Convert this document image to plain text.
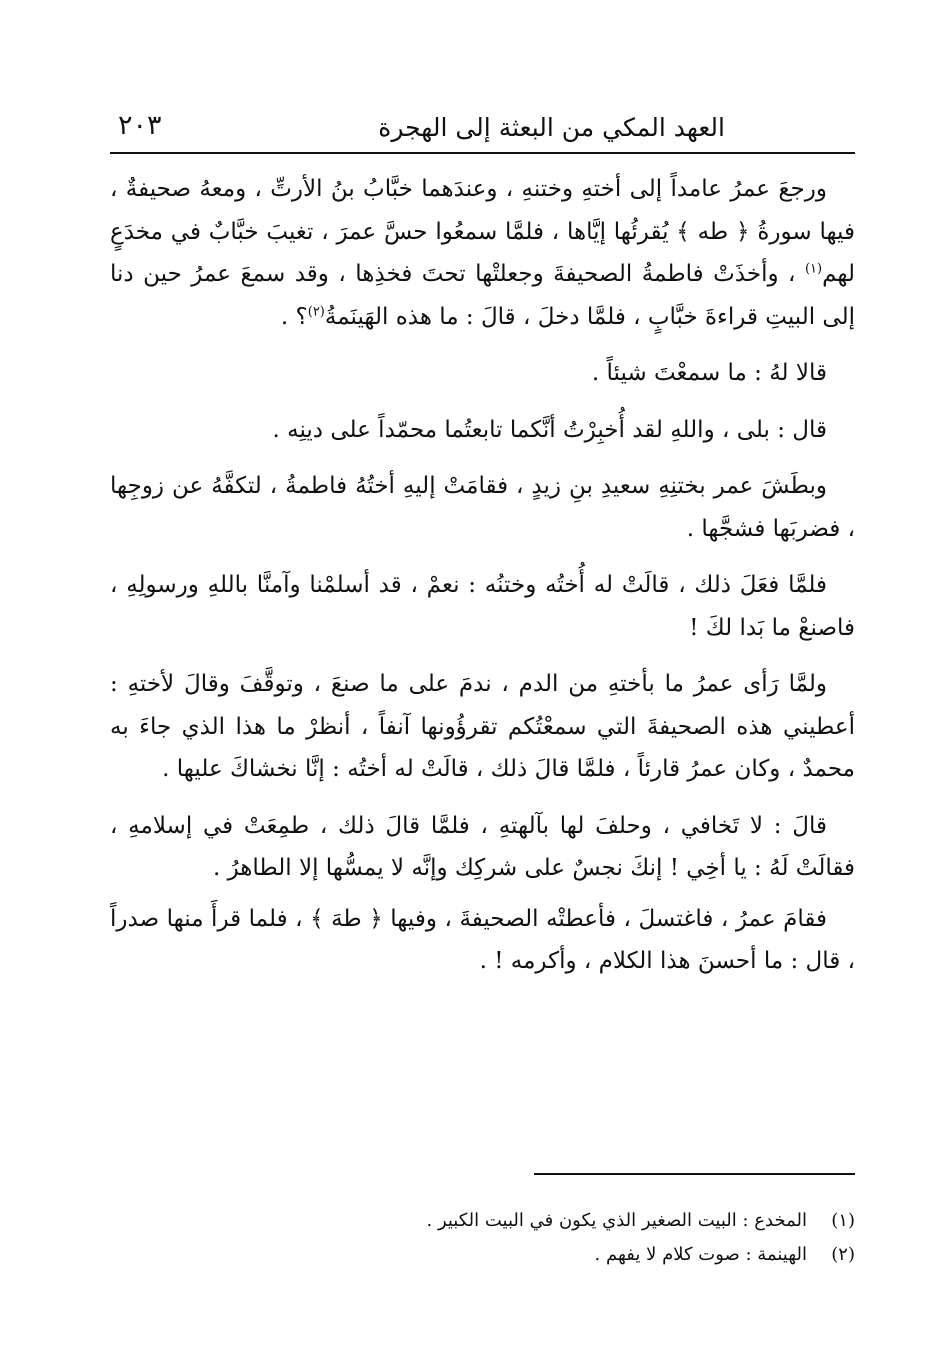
العهد المكي من البعثة إلى الهجرة
٢٠٣

ورجعَ عمرُ عامداً إلى أختهِ وختنهِ ، وعندَهما خبَّابُ بنُ الأرتِّ ، ومعهُ صحيفةٌ ، فيها سورةُ ﴿ طه ﴾ يُقرئُها إيَّاها ، فلمَّا سمعُوا حسَّ عمرَ ، تغيبَ خبَّابٌ في مخدَعٍ لهم$^{(١)}$ ، وأخذَتْ فاطمةُ الصحيفةَ وجعلتْها تحتَ فخذِها ، وقد سمعَ عمرُ حين دنا إلى البيتِ قراءةَ خبَّابٍ ، فلمَّا دخلَ ، قالَ : ما هذه الهَينَمةُ$^{(٢)}$؟ .

قالا لهُ : ما سمعْتَ شيئاً .

قال : بلى ، واللهِ لقد أُخبِرْتُ أنَّكما تابعتُما محمّداً على دينِه .

وبطَشَ عمر بختنِهِ سعيدِ بنِ زيدٍ ، فقامَتْ إليهِ أختُهُ فاطمةُ ، لتكفَّهُ عن زوجِها ، فضربَها فشجَّها .

فلمَّا فعَلَ ذلك ، قالَتْ له أُختُه وختنُه : نعمْ ، قد أسلمْنا وآمنَّا باللهِ ورسولِهِ ، فاصنعْ ما بَدا لكَ !

ولمَّا رَأى عمرُ ما بأختهِ من الدم ، ندمَ على ما صنعَ ، وتوقَّفَ وقالَ لأختهِ : أعطيني هذه الصحيفةَ التي سمعْتُكم تقرؤُونها آنفاً ، أنظرْ ما هذا الذي جاءَ به محمدٌ ، وكان عمرُ قارئاً ، فلمَّا قالَ ذلك ، قالَتْ له أختُه : إنَّا نخشاكَ عليها .

قالَ : لا تَخافي ، وحلفَ لها بآلهتهِ ، فلمَّا قالَ ذلك ، طمِعَتْ في إسلامهِ ، فقالَتْ لَهُ : يا أخِي ! إنكَ نجسٌ على شركِك وإنَّه لا يمسُّها إلا الطاهرُ .

فقامَ عمرُ ، فاغتسلَ ، فأعطتْه الصحيفةَ ، وفيها ﴿ طهَ ﴾ ، فلما قرأَ منها صدراً ، قال : ما أحسنَ هذا الكلام ، وأكرمه ! .

(١)المخدع : البيت الصغير الذي يكون في البيت الكبير .
(٢)الهينمة : صوت كلام لا يفهم .
